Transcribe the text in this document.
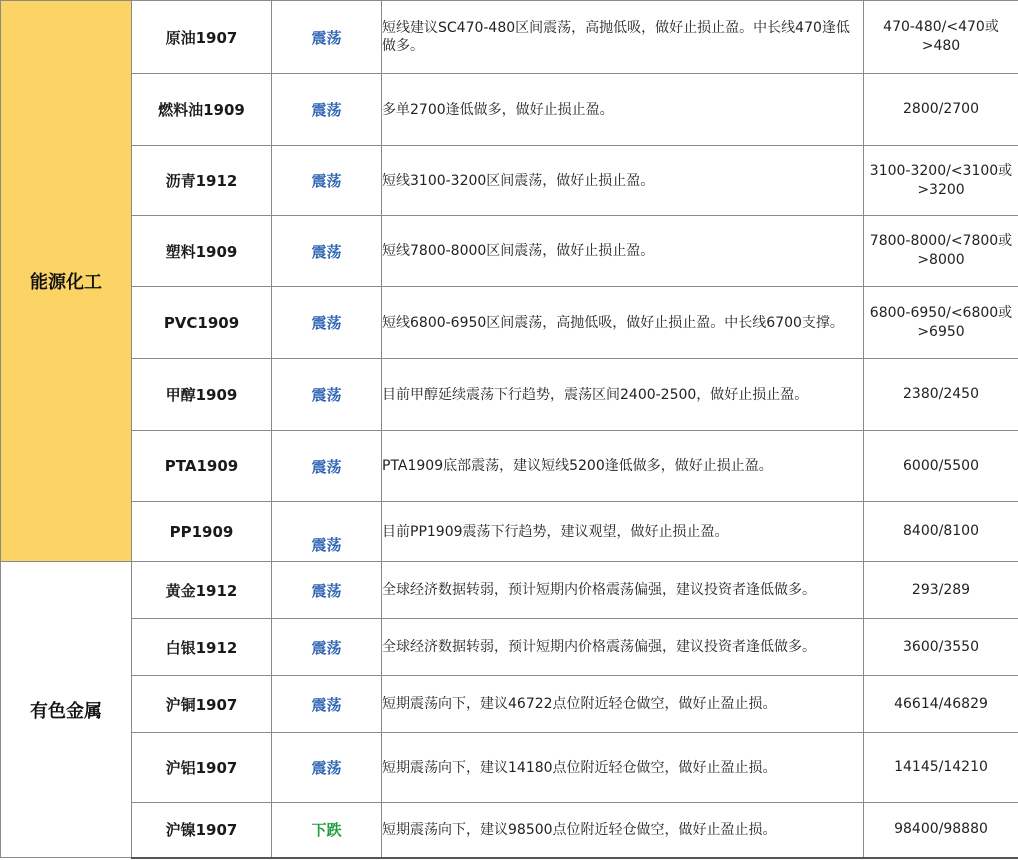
能源化工	原油1907	震荡	短线建议SC470-480区间震荡，高抛低吸，做好止损止盈。中长线470逢低做多。	470-480/<470或>480
	燃料油1909	震荡	多单2700逢低做多，做好止损止盈。	2800/2700
	沥青1912	震荡	短线3100-3200区间震荡，做好止损止盈。	3100-3200/<3100或>3200
	塑料1909	震荡	短线7800-8000区间震荡，做好止损止盈。	7800-8000/<7800或>8000
	PVC1909	震荡	短线6800-6950区间震荡，高抛低吸，做好止损止盈。中长线6700支撑。	6800-6950/<6800或>6950
	甲醇1909	震荡	目前甲醇延续震荡下行趋势，震荡区间2400-2500，做好止损止盈。	2380/2450
	PTA1909	震荡	PTA1909底部震荡，建议短线5200逢低做多，做好止损止盈。	6000/5500
	PP1909	震荡	目前PP1909震荡下行趋势，建议观望，做好止损止盈。	8400/8100
有色金属	黄金1912	震荡	全球经济数据转弱，预计短期内价格震荡偏强，建议投资者逢低做多。	293/289
	白银1912	震荡	全球经济数据转弱，预计短期内价格震荡偏强，建议投资者逢低做多。	3600/3550
	沪铜1907	震荡	短期震荡向下，建议46722点位附近轻仓做空，做好止盈止损。	46614/46829
	沪铝1907	震荡	短期震荡向下，建议14180点位附近轻仓做空，做好止盈止损。	14145/14210
	沪镍1907	下跌	短期震荡向下，建议98500点位附近轻仓做空，做好止盈止损。	98400/98880
